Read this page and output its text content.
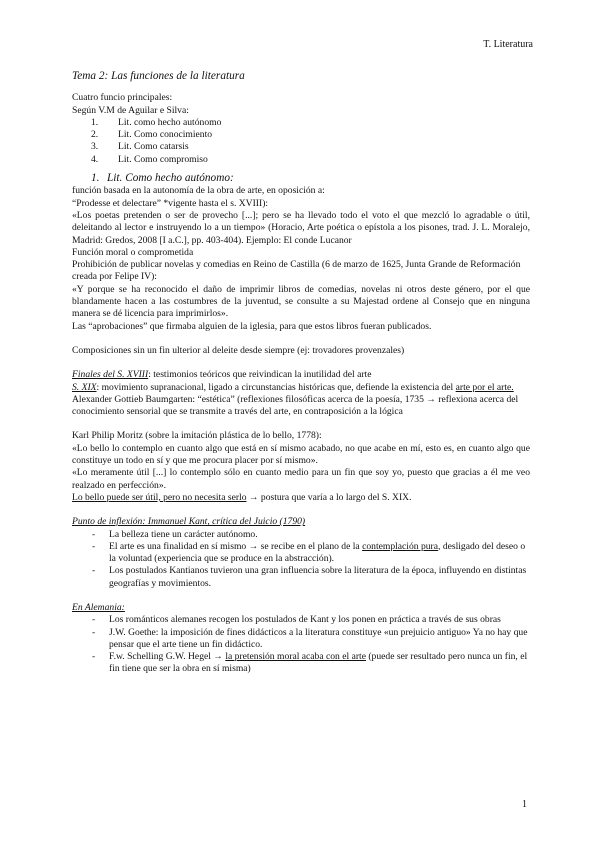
T. Literatura
Tema 2: Las funciones de la literatura

Cuatro funcio principales:

Según V.M de Aguilar e Silva:

1. Lit. como hecho autónomo
2. Lit. Como conocimiento
3. Lit. Como catarsis
4. Lit. Como compromiso
1. Lit. Como hecho autónomo:

función basada en la autonomía de la obra de arte, en oposición a:

“Prodesse et delectare” *vigente hasta el s. XVIII):

«Los poetas pretenden o ser de provecho [...]; pero se ha llevado todo el voto el que mezcló lo agradable o útil, deleitando al lector e instruyendo lo a un tiempo» (Horacio, Arte poética o epístola a los pisones, trad. J. L. Moralejo, Madrid: Gredos, 2008 [I a.C.], pp. 403-404). Ejemplo: El conde Lucanor

Función moral o comprometida

Prohibición de publicar novelas y comedias en Reino de Castilla (6 de marzo de 1625, Junta Grande de Reformación creada por Felipe IV):

«Y porque se ha reconocido el daño de imprimir libros de comedias, novelas ni otros deste género, por el que blandamente hacen a las costumbres de la juventud, se consulte a su Majestad ordene al Consejo que en ninguna manera se dé licencia para imprimirlos».

Las “aprobaciones” que firmaba alguien de la iglesia, para que estos libros fueran publicados.

Composiciones sin un fin ulterior al deleite desde siempre (ej: trovadores provenzales)

Finales del S. XVIII: testimonios teóricos que reivindican la inutilidad del arte

S. XIX: movimiento supranacional, ligado a circunstancias históricas que, defiende la existencia del arte por el arte.

Alexander Gottieb Baumgarten: “estética” (reflexiones filosóficas acerca de la poesía, 1735 → reflexiona acerca del conocimiento sensorial que se transmite a través del arte, en contraposición a la lógica

Karl Philip Moritz (sobre la imitación plástica de lo bello, 1778):

«Lo bello lo contemplo en cuanto algo que está en sí mismo acabado, no que acabe en mí, esto es, en cuanto algo que constituye un todo en sí y que me procura placer por sí mismo».

«Lo meramente útil [...] lo contemplo sólo en cuanto medio para un fin que soy yo, puesto que gracias a él me veo realzado en perfección».

Lo bello puede ser útil, pero no necesita serlo → postura que varía a lo largo del S. XIX.

Punto de inflexión: Immanuel Kant, crítica del Juicio (1790)

- La belleza tiene un carácter autónomo.
- El arte es una finalidad en sí mismo → se recibe en el plano de la contemplación pura, desligado del deseo o la voluntad (experiencia que se produce en la abstracción).
- Los postulados Kantianos tuvieron una gran influencia sobre la literatura de la época, influyendo en distintas geografías y movimientos.

En Alemania:

- Los románticos alemanes recogen los postulados de Kant y los ponen en práctica a través de sus obras
- J.W. Goethe: la imposición de fines didácticos a la literatura constituye «un prejuicio antiguo» Ya no hay que pensar que el arte tiene un fin didáctico.
- F.w. Schelling G.W. Hegel → la pretensión moral acaba con el arte (puede ser resultado pero nunca un fin, el fin tiene que ser la obra en sí misma)
1
